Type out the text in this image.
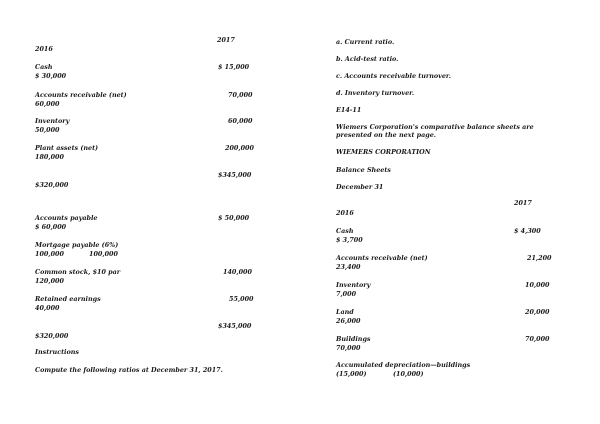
2017
2016
Cash	$ 15,000
$ 30,000
Accounts receivable (net)	70,000
60,000
Inventory	60,000
50,000
Plant assets (net)	200,000
180,000
$345,000
$320,000
Accounts payable	$ 50,000
$ 60,000
Mortgage payable (6%)
100,000	100,000
Common stock, $10 par	140,000
120,000
Retained earnings	55,000
40,000
$345,000
$320,000
Instructions
Compute the following ratios at December 31, 2017.
a. Current ratio.
b. Acid-test ratio.
c. Accounts receivable turnover.
d. Inventory turnover.
E14-11
Wiemers Corporation's comparative balance sheets are
presented on the next page.
WIEMERS CORPORATION
Balance Sheets
December 31
2017
2016
Cash	$ 4,300
$ 3,700
Accounts receivable (net)	21,200
23,400
Inventory	10,000
7,000
Land	20,000
26,000
Buildings	70,000
70,000
Accumulated depreciation—buildings
(15,000)	(10,000)
